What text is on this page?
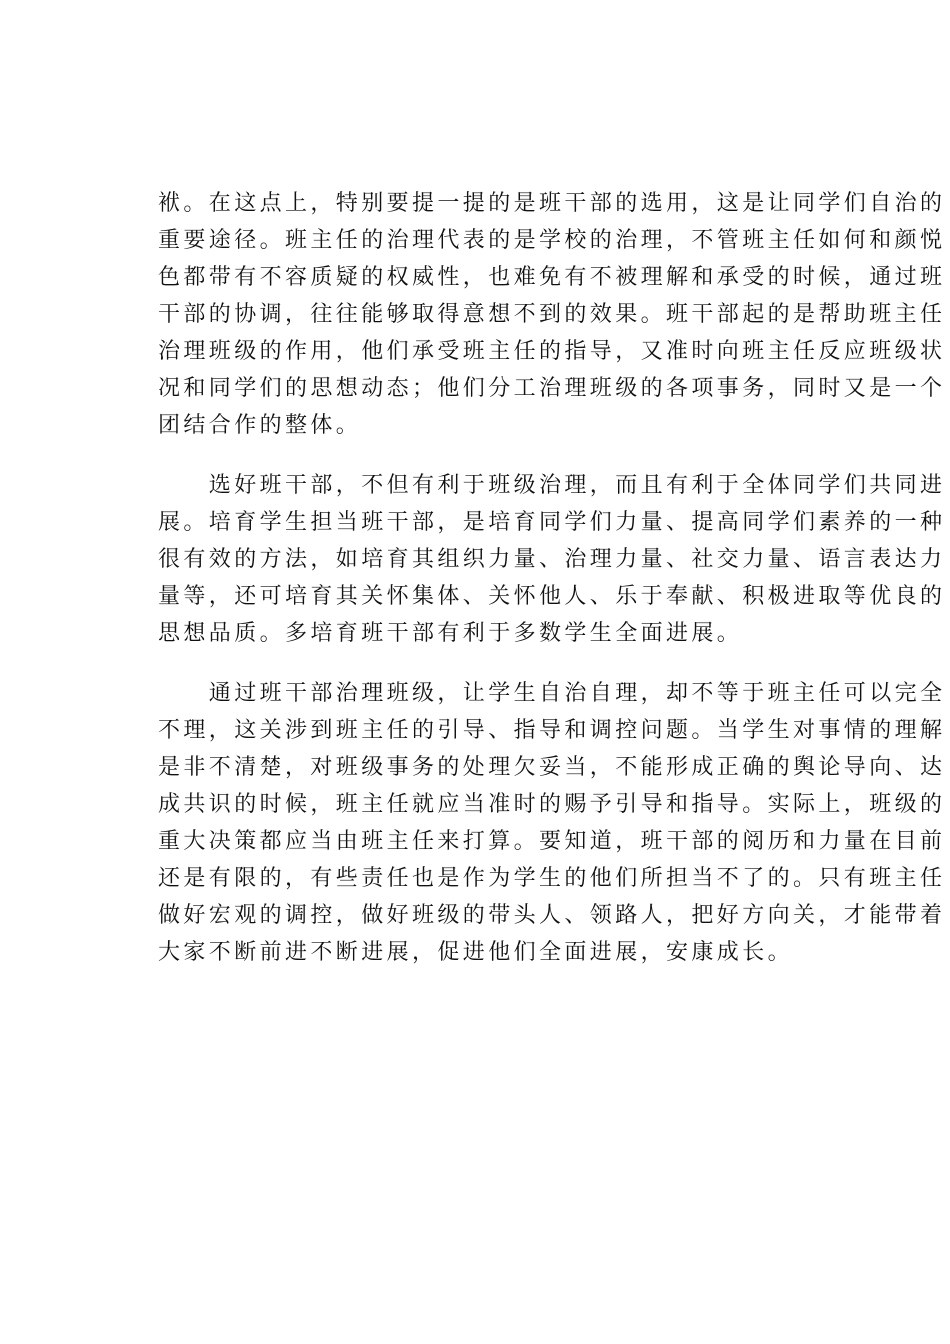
袱。在这点上，特别要提一提的是班干部的选用，这是让同学们自治的
重要途径。班主任的治理代表的是学校的治理，不管班主任如何和颜悦
色都带有不容质疑的权威性，也难免有不被理解和承受的时候，通过班
干部的协调，往往能够取得意想不到的效果。班干部起的是帮助班主任
治理班级的作用，他们承受班主任的指导，又准时向班主任反应班级状
况和同学们的思想动态；他们分工治理班级的各项事务，同时又是一个
团结合作的整体。
　　选好班干部，不但有利于班级治理，而且有利于全体同学们共同进
展。培育学生担当班干部，是培育同学们力量、提高同学们素养的一种
很有效的方法，如培育其组织力量、治理力量、社交力量、语言表达力
量等，还可培育其关怀集体、关怀他人、乐于奉献、积极进取等优良的
思想品质。多培育班干部有利于多数学生全面进展。
　　通过班干部治理班级，让学生自治自理，却不等于班主任可以完全
不理，这关涉到班主任的引导、指导和调控问题。当学生对事情的理解
是非不清楚，对班级事务的处理欠妥当，不能形成正确的舆论导向、达
成共识的时候，班主任就应当准时的赐予引导和指导。实际上，班级的
重大决策都应当由班主任来打算。要知道，班干部的阅历和力量在目前
还是有限的，有些责任也是作为学生的他们所担当不了的。只有班主任
做好宏观的调控，做好班级的带头人、领路人，把好方向关，才能带着
大家不断前进不断进展，促进他们全面进展，安康成长。
